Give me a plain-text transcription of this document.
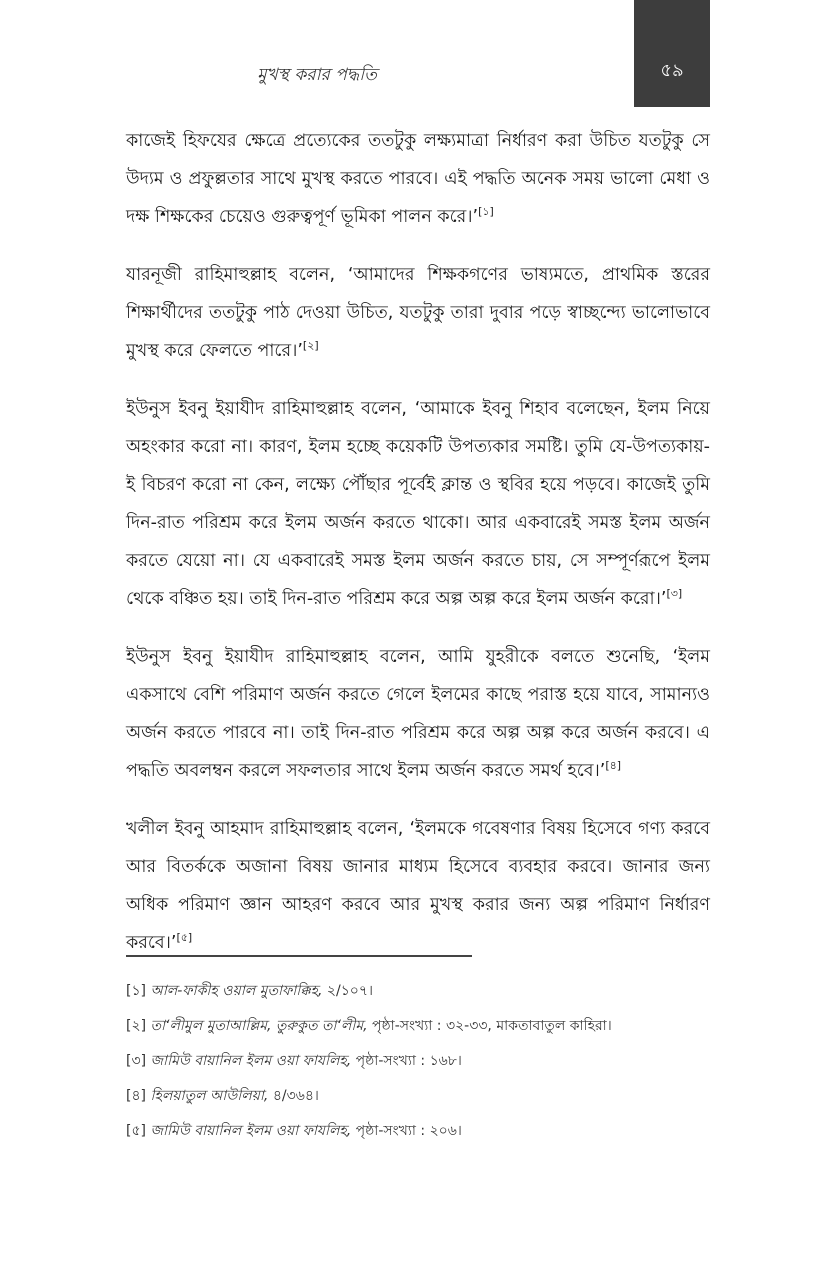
মুখস্থ করার পদ্ধতি	৫৯

কাজেই হিফযের ক্ষেত্রে প্রত্যেকের ততটুকু লক্ষ্যমাত্রা নির্ধারণ করা উচিত যতটুকু সে উদ্যম ও প্রফুল্লতার সাথে মুখস্থ করতে পারবে। এই পদ্ধতি অনেক সময় ভালো মেধা ও দক্ষ শিক্ষকের চেয়েও গুরুত্বপূর্ণ ভূমিকা পালন করে।’[১]

যারনূজী রাহিমাহুল্লাহ বলেন, ‘আমাদের শিক্ষকগণের ভাষ্যমতে, প্রাথমিক স্তরের শিক্ষার্থীদের ততটুকু পাঠ দেওয়া উচিত, যতটুকু তারা দুবার পড়ে স্বাচ্ছন্দ্যে ভালোভাবে মুখস্থ করে ফেলতে পারে।’[২]

ইউনুস ইবনু ইয়াযীদ রাহিমাহুল্লাহ বলেন, ‘আমাকে ইবনু শিহাব বলেছেন, ইলম নিয়ে অহংকার করো না। কারণ, ইলম হচ্ছে কয়েকটি উপত্যকার সমষ্টি। তুমি যে-উপত্যকায়-ই বিচরণ করো না কেন, লক্ষ্যে পৌঁছার পূর্বেই ক্লান্ত ও স্থবির হয়ে পড়বে। কাজেই তুমি দিন-রাত পরিশ্রম করে ইলম অর্জন করতে থাকো। আর একবারেই সমস্ত ইলম অর্জন করতে যেয়ো না। যে একবারেই সমস্ত ইলম অর্জন করতে চায়, সে সম্পূর্ণরূপে ইলম থেকে বঞ্চিত হয়। তাই দিন-রাত পরিশ্রম করে অল্প অল্প করে ইলম অর্জন করো।’[৩]

ইউনুস ইবনু ইয়াযীদ রাহিমাহুল্লাহ বলেন, আমি যুহরীকে বলতে শুনেছি, ‘ইলম একসাথে বেশি পরিমাণ অর্জন করতে গেলে ইলমের কাছে পরাস্ত হয়ে যাবে, সামান্যও অর্জন করতে পারবে না। তাই দিন-রাত পরিশ্রম করে অল্প অল্প করে অর্জন করবে। এ পদ্ধতি অবলম্বন করলে সফলতার সাথে ইলম অর্জন করতে সমর্থ হবে।’[৪]

খলীল ইবনু আহমাদ রাহিমাহুল্লাহ বলেন, ‘ইলমকে গবেষণার বিষয় হিসেবে গণ্য করবে আর বিতর্ককে অজানা বিষয় জানার মাধ্যম হিসেবে ব্যবহার করবে। জানার জন্য অধিক পরিমাণ জ্ঞান আহরণ করবে আর মুখস্থ করার জন্য অল্প পরিমাণ নির্ধারণ করবে।’[৫]

[১] আল-ফাকীহ ওয়াল মুতাফাক্কিহ, ২/১০৭।

[২] তা‘লীমুল মুতাআল্লিম, তুরুকুত তা‘লীম, পৃষ্ঠা-সংখ্যা : ৩২-৩৩, মাকতাবাতুল কাহিরা।

[৩] জামিউ বায়ানিল ইলম ওয়া ফাযলিহ, পৃষ্ঠা-সংখ্যা : ১৬৮।

[৪] হিলয়াতুল আউলিয়া, ৪/৩৬৪।

[৫] জামিউ বায়ানিল ইলম ওয়া ফাযলিহ, পৃষ্ঠা-সংখ্যা : ২০৬।
